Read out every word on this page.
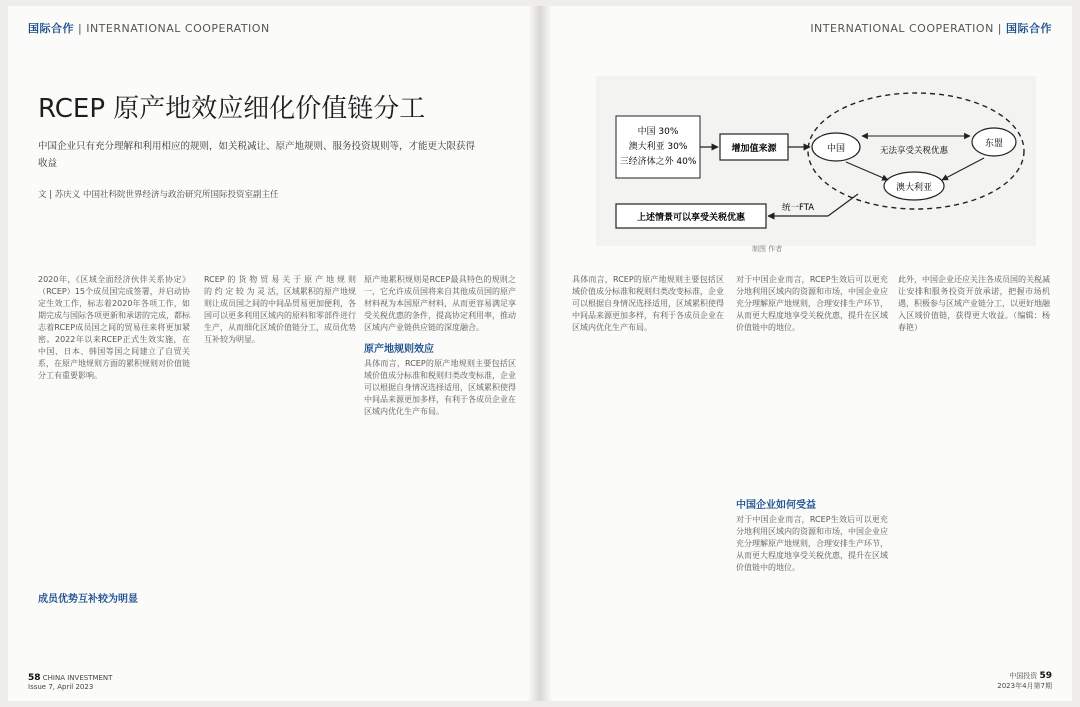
国际合作 | INTERNATIONAL COOPERATION
RCEP 原产地效应细化价值链分工
中国企业只有充分理解和利用相应的规则，如关税减让、原产地规则、服务投资规则等，才能更大限获得收益
文 | 苏庆义 中国社科院世界经济与政治研究所国际投资室副主任
2020年，《区域全面经济伙伴关系协定》（RCEP）15个成员国完成签署，并启动协定生效工作，标志着2020年各项工作，如期完成与国际各项更新和承诺的完成，都标志着RCEP成员国之间的贸易往来将更加紧密。2022年以来RCEP正式生效实施，在中国、日本、韩国等国之间建立了自贸关系，在原产地规则方面的累积规则对价值链分工有重要影响。
成员优势互补较为明显
RCEP 的 货 物 贸 易 关 于 原 产 地 规 则 的 约 定 较 为 灵 活，区域累积的原产地规则让成员国之间的中间品贸易更加便利，各国可以更多利用区域内的原料和零部件进行生产，从而细化区域价值链分工，成员优势互补较为明显。
原产地累积规则是RCEP最具特色的规则之一，它允许成员国将来自其他成员国的原产材料视为本国原产材料，从而更容易满足享受关税优惠的条件，提高协定利用率，推动区域内产业链供应链的深度融合。
原产地规则效应
具体而言，RCEP的原产地规则主要包括区域价值成分标准和税则归类改变标准，企业可以根据自身情况选择适用，区域累积使得中间品来源更加多样，有利于各成员企业在区域内优化生产布局。
58 CHINA INVESTMENT
Issue 7, April 2023
INTERNATIONAL COOPERATION | 国际合作
中国 30%
澳大利亚 30%
三经济体之外 40%
增加值来源	中国	东盟
澳大利亚
无法享受关税优惠
上述情景可以享受关税优惠
统一FTA
制图 作者
具体而言，RCEP的原产地规则主要包括区域价值成分标准和税则归类改变标准，企业可以根据自身情况选择适用，区域累积使得中间品来源更加多样，有利于各成员企业在区域内优化生产布局。
对于中国企业而言，RCEP生效后可以更充分地利用区域内的资源和市场，中国企业应充分理解原产地规则，合理安排生产环节，从而更大程度地享受关税优惠，提升在区域价值链中的地位。
中国企业如何受益
对于中国企业而言，RCEP生效后可以更充分地利用区域内的资源和市场，中国企业应充分理解原产地规则，合理安排生产环节，从而更大程度地享受关税优惠，提升在区域价值链中的地位。
此外，中国企业还应关注各成员国的关税减让安排和服务投资开放承诺，把握市场机遇，积极参与区域产业链分工，以更好地融入区域价值链，获得更大收益。（编辑：杨春艳）
中国投资 59
2023年4月第7期
